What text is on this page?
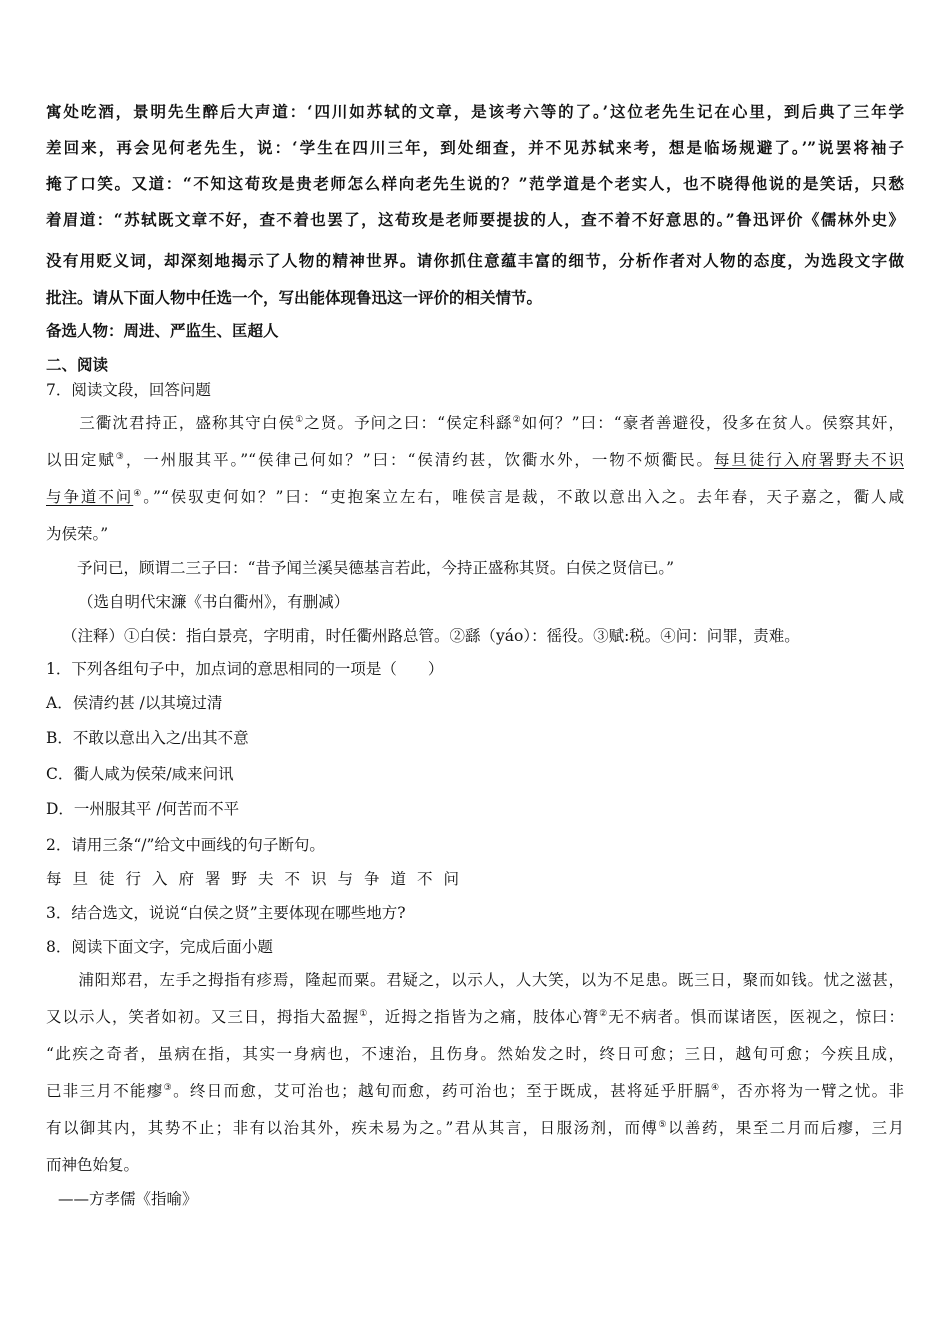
寓处吃酒，景明先生醉后大声道：‘四川如苏轼的文章，是该考六等的了。’这位老先生记在心里，到后典了三年学
差回来，再会见何老先生，说：‘学生在四川三年，到处细查，并不见苏轼来考，想是临场规避了。’”说罢将袖子
掩了口笑。又道：“不知这荀玫是贵老师怎么样向老先生说的？”范学道是个老实人，也不晓得他说的是笑话，只愁
着眉道：“苏轼既文章不好，查不着也罢了，这荀玫是老师要提拔的人，查不着不好意思的。”鲁迅评价《儒林外史》
没有用贬义词，却深刻地揭示了人物的精神世界。请你抓住意蕴丰富的细节，分析作者对人物的态度，为选段文字做
批注。请从下面人物中任选一个，写出能体现鲁迅这一评价的相关情节。
备选人物：周进、严监生、匡超人
二、阅读
7．阅读文段，回答问题
　　三衢沈君持正，盛称其守白侯①之贤。予问之曰：“侯定科繇②如何？”曰：“豪者善避役，役多在贫人。侯察其奸，
以田定赋③，一州服其平。”“侯律己何如？”曰：“侯清约甚，饮衢水外，一物不烦衢民。每旦徒行入府署野夫不识
与争道不问④。”“侯驭吏何如？”曰：“吏抱案立左右，唯侯言是裁，不敢以意出入之。去年春，天子嘉之，衢人咸
为侯荣。”
　　予问已，顾谓二三子曰：“昔予闻兰溪吴德基言若此，今持正盛称其贤。白侯之贤信已。”
（选自明代宋濂《书白衢州》，有删减）
（注释）①白侯：指白景亮，字明甫，时任衢州路总管。②繇（yáo）：徭役。③赋:税。④问：问罪，责难。
1．下列各组句子中，加点词的意思相同的一项是（　　）
A．侯清约甚 /以其境过清
B．不敢以意出入之/出其不意
C．衢人咸为侯荣/咸来问讯
D．一州服其平 /何苦而不平
2．请用三条“/”给文中画线的句子断句。
每旦徒行入府署野夫不识与争道不问
3．结合选文，说说“白侯之贤”主要体现在哪些地方?
8．阅读下面文字，完成后面小题
　　浦阳郑君，左手之拇指有疹焉，隆起而粟。君疑之，以示人，人大笑，以为不足患。既三日，聚而如钱。忧之滋甚，
又以示人，笑者如初。又三日，拇指大盈握①，近拇之指皆为之痛，肢体心膂②无不病者。惧而谋诸医，医视之，惊曰：
“此疾之奇者，虽病在指，其实一身病也，不速治，且伤身。然始发之时，终日可愈；三日，越旬可愈；今疾且成，
已非三月不能瘳③。终日而愈，艾可治也；越旬而愈，药可治也；至于既成，甚将延乎肝膈④，否亦将为一臂之忧。非
有以御其内，其势不止；非有以治其外，疾未易为之。”君从其言，日服汤剂，而傅⑤以善药，果至二月而后瘳，三月
而神色始复。
——方孝儒《指喻》
